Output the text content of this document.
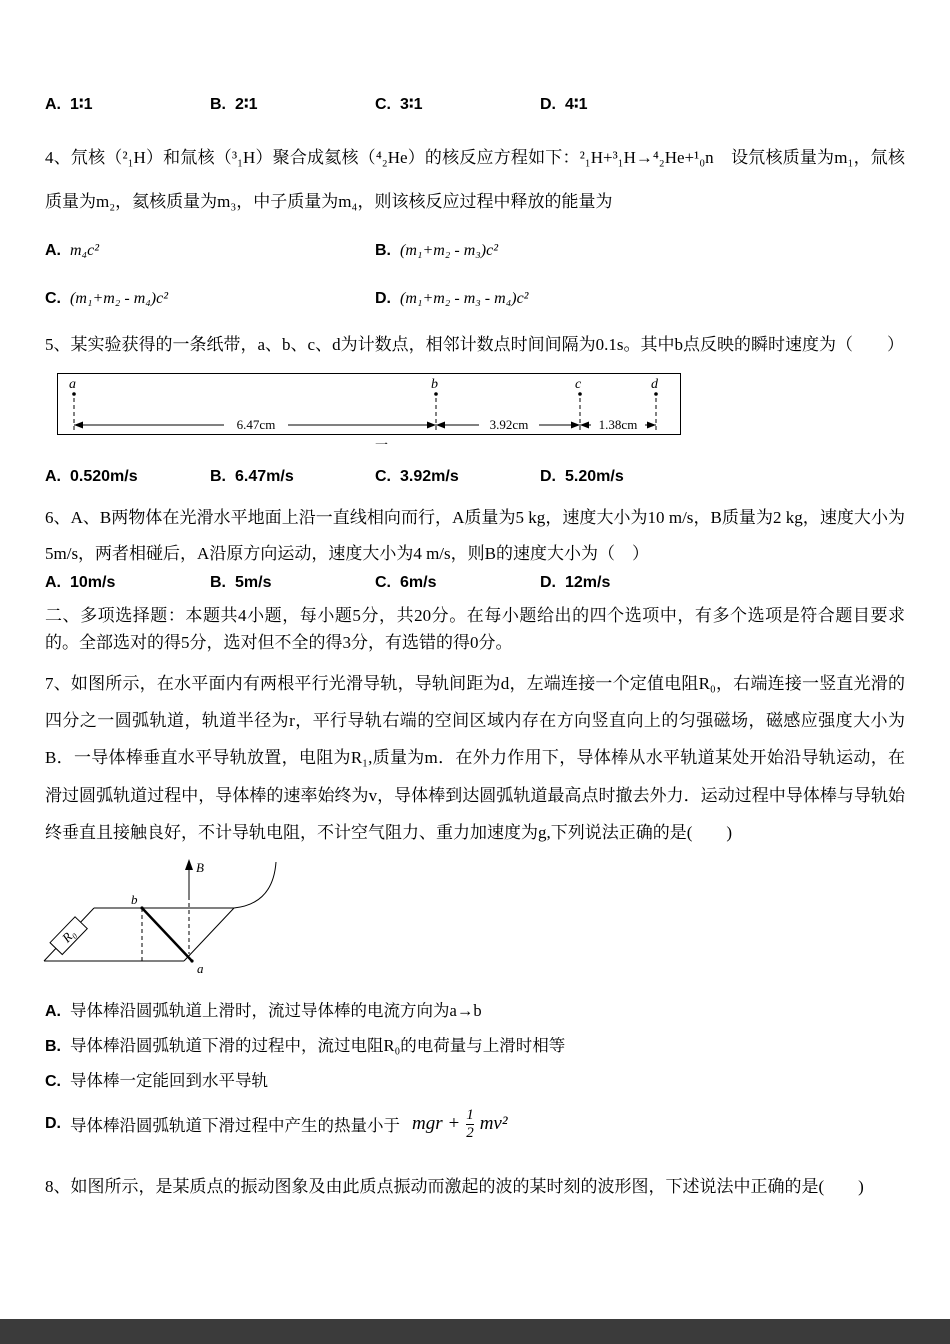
A. 1∶1	B. 2∶1	C. 3∶1	D. 4∶1

4、氘核（²₁H）和氚核（³₁H）聚合成氦核（⁴₂He）的核反应方程如下：²₁H+³₁H→⁴₂He+¹₀n　设氘核质量为m₁，氚核质量为m₂，氦核质量为m₃，中子质量为m₄，则该核反应过程中释放的能量为

A. m₄c²	B. (m₁+m₂ - m₃)c²
C. (m₁+m₂ - m₄)c²	D. (m₁+m₂ - m₃ - m₄)c²

5、某实验获得的一条纸带，a、b、c、d为计数点，相邻计数点时间间隔为0.1s。其中b点反映的瞬时速度为（　　）

a	b	c	d
6.47cm	3.92cm	1.38cm
一
A. 0.520m/s	B. 6.47m/s	C. 3.92m/s	D. 5.20m/s

6、A、B两物体在光滑水平地面上沿一直线相向而行，A质量为5 kg，速度大小为10 m/s，B质量为2 kg，速度大小为5m/s，两者相碰后，A沿原方向运动，速度大小为4 m/s，则B的速度大小为（　）

A. 10m/s	B. 5m/s	C. 6m/s	D. 12m/s

二、多项选择题：本题共4小题，每小题5分，共20分。在每小题给出的四个选项中，有多个选项是符合题目要求的。全部选对的得5分，选对但不全的得3分，有选错的得0分。

7、如图所示，在水平面内有两根平行光滑导轨，导轨间距为d，左端连接一个定值电阻R₀，右端连接一竖直光滑的四分之一圆弧轨道，轨道半径为r，平行导轨右端的空间区域内存在方向竖直向上的匀强磁场，磁感应强度大小为B．一导体棒垂直水平导轨放置，电阻为R₁,质量为m．在外力作用下，导体棒从水平轨道某处开始沿导轨运动，在滑过圆弧轨道过程中，导体棒的速率始终为v，导体棒到达圆弧轨道最高点时撤去外力．运动过程中导体棒与导轨始终垂直且接触良好，不计导轨电阻，不计空气阻力、重力加速度为g,下列说法正确的是(　　)

R₀
b
a
B
A. 导体棒沿圆弧轨道上滑时，流过导体棒的电流方向为a→b
B. 导体棒沿圆弧轨道下滑的过程中，流过电阻R₀的电荷量与上滑时相等
C. 导体棒一定能回到水平导轨
D. 导体棒沿圆弧轨道下滑过程中产生的热量小于 mgr + $\frac{1}{2} mv^2$

8、如图所示，是某质点的振动图象及由此质点振动而激起的波的某时刻的波形图，下述说法中正确的是(　　)
